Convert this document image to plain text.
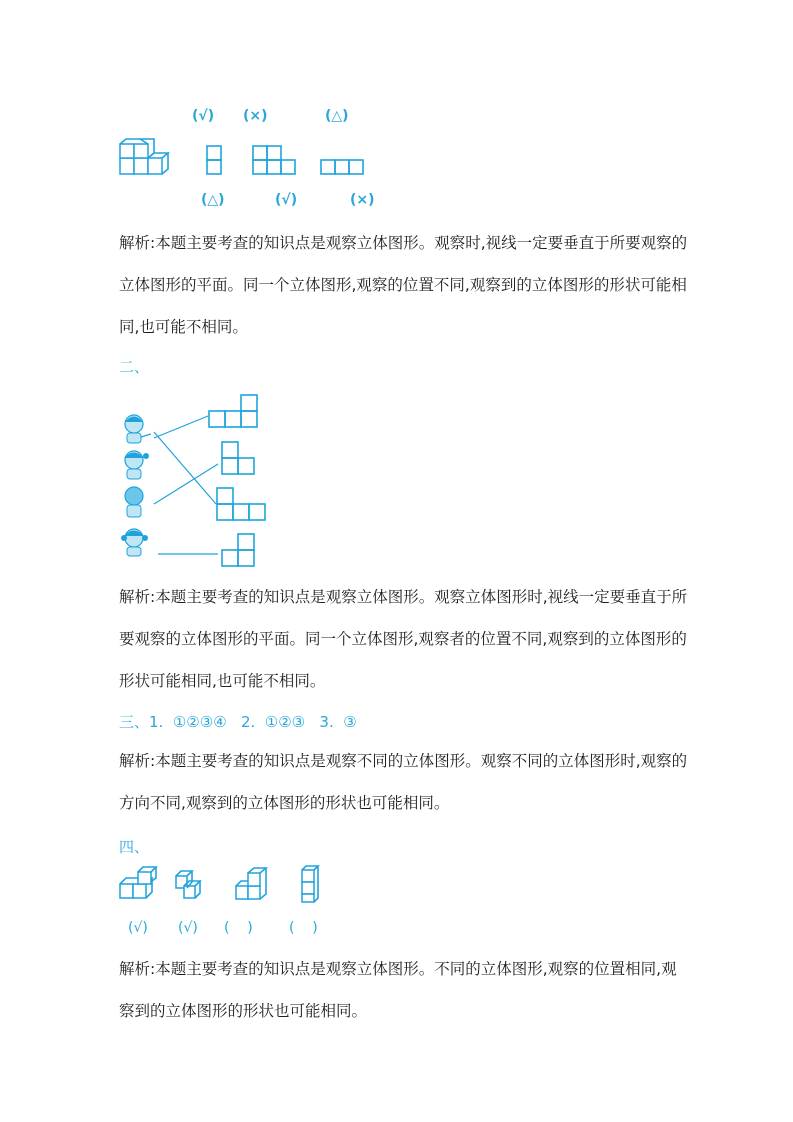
(√) (×)	(△)
(△)	(√)	(×)
解析:本题主要考查的知识点是观察立体图形。观察时,视线一定要垂直于所要观察的立体图形的平面。同一个立体图形,观察的位置不同,观察到的立体图形的形状可能相同,也可能不相同。
二、
解析:本题主要考查的知识点是观察立体图形。观察立体图形时,视线一定要垂直于所要观察的立体图形的平面。同一个立体图形,观察者的位置不同,观察到的立体图形的形状可能相同,也可能不相同。
三、1.  ①②③④   2.  ①②③   3.  ③
解析:本题主要考查的知识点是观察不同的立体图形。观察不同的立体图形时,观察的方向不同,观察到的立体图形的形状也可能相同。
四、
(√) (√) (    )	(    )
解析:本题主要考查的知识点是观察立体图形。不同的立体图形,观察的位置相同,观察到的立体图形的形状也可能相同。
